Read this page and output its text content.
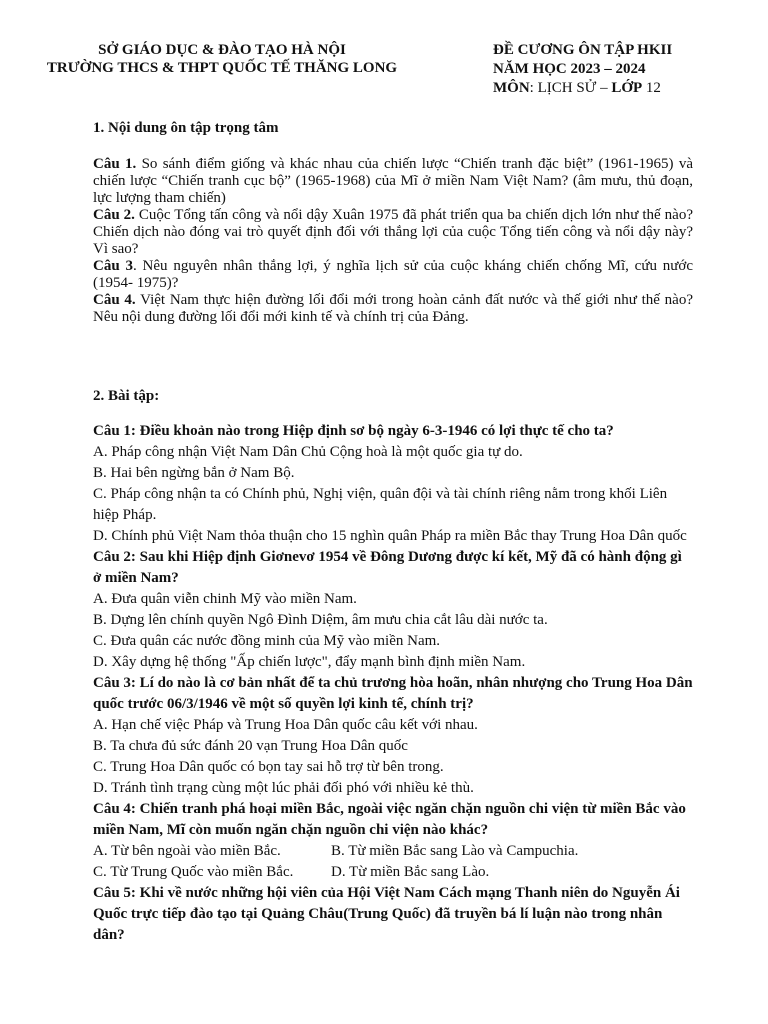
SỞ GIÁO DỤC & ĐÀO TẠO HÀ NỘI
TRƯỜNG THCS & THPT QUỐC TẾ THĂNG LONG
ĐỀ CƯƠNG ÔN TẬP HKII
NĂM HỌC 2023 – 2024
MÔN: LỊCH SỬ – LỚP 12

1. Nội dung ôn tập trọng tâm

Câu 1. So sánh điểm giống và khác nhau của chiến lược “Chiến tranh đặc biệt” (1961-1965) và chiến lược “Chiến tranh cục bộ” (1965-1968) của Mĩ ở miền Nam Việt Nam? (âm mưu, thủ đoạn, lực lượng tham chiến)

Câu 2. Cuộc Tổng tấn công và nổi dậy Xuân 1975 đã phát triển qua ba chiến dịch lớn như thế nào? Chiến dịch nào đóng vai trò quyết định đối với thắng lợi của cuộc Tổng tiến công và nổi dậy này? Vì sao?

Câu 3. Nêu nguyên nhân thắng lợi, ý nghĩa lịch sử của cuộc kháng chiến chống Mĩ, cứu nước (1954- 1975)?

Câu 4. Việt Nam thực hiện đường lối đổi mới trong hoàn cảnh đất nước và thế giới như thế nào? Nêu nội dung đường lối đổi mới kinh tế và chính trị của Đảng.

2. Bài tập:

Câu 1: Điều khoản nào trong Hiệp định sơ bộ ngày 6-3-1946 có lợi thực tế cho ta?

A. Pháp công nhận Việt Nam Dân Chủ Cộng hoà là một quốc gia tự do.

B. Hai bên ngừng bắn ở Nam Bộ.

C. Pháp công nhận ta có Chính phủ, Nghị viện, quân đội và tài chính riêng nằm trong khối Liên hiệp Pháp.

D. Chính phủ Việt Nam thỏa thuận cho 15 nghìn quân Pháp ra miền Bắc thay Trung Hoa Dân quốc

Câu 2: Sau khi Hiệp định Giơnevơ 1954 về Đông Dương được kí kết, Mỹ đã có hành động gì ở miền Nam?

A. Đưa quân viễn chinh Mỹ vào miền Nam.

B. Dựng lên chính quyền Ngô Đình Diệm, âm mưu chia cắt lâu dài nước ta.

C. Đưa quân các nước đồng minh của Mỹ vào miền Nam.

D. Xây dựng hệ thống "Ấp chiến lược", đẩy mạnh bình định miền Nam.

Câu 3: Lí do nào là cơ bản nhất để ta chủ trương hòa hoãn, nhân nhượng cho Trung Hoa Dân quốc trước 06/3/1946 về một số quyền lợi kinh tế, chính trị?

A. Hạn chế việc Pháp và Trung Hoa Dân quốc câu kết với nhau.

B. Ta chưa đủ sức đánh 20 vạn Trung Hoa Dân quốc

C. Trung Hoa Dân quốc có bọn tay sai hỗ trợ từ bên trong.

D. Tránh tình trạng cùng một lúc phải đối phó với nhiều kẻ thù.

Câu 4: Chiến tranh phá hoại miền Bắc, ngoài việc ngăn chặn nguồn chi viện từ miền Bắc vào miền Nam, Mĩ còn muốn ngăn chặn nguồn chi viện nào khác?

A. Từ bên ngoài vào miền Bắc.	B. Từ miền Bắc sang Lào và Campuchia.

C. Từ Trung Quốc vào miền Bắc.	D. Từ miền Bắc sang Lào.

Câu 5: Khi về nước những hội viên của Hội Việt Nam Cách mạng Thanh niên do Nguyễn Ái Quốc trực tiếp đào tạo tại Quảng Châu(Trung Quốc) đã truyền bá lí luận nào trong nhân dân?
